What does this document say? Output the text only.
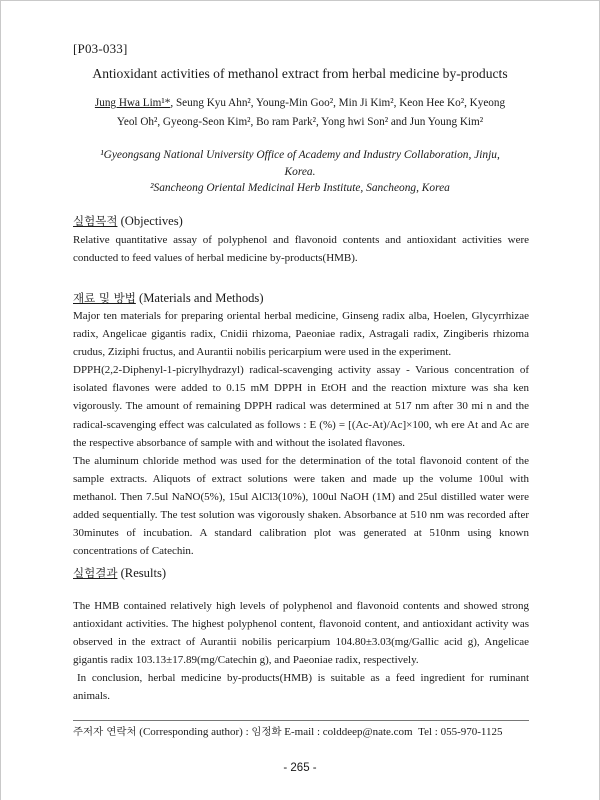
[P03-033]
Antioxidant activities of methanol extract from herbal medicine by-products
Jung Hwa Lim¹*, Seung Kyu Ahn², Young-Min Goo², Min Ji Kim², Keon Hee Ko², Kyeong
Yeol Oh², Gyeong-Seon Kim², Bo ram Park², Yong hwi Son² and Jun Young Kim²
¹Gyeongsang National University Office of Academy and Industry Collaboration, Jinju,
Korea.
²Sancheong Oriental Medicinal Herb Institute, Sancheong, Korea
실험목적 (Objectives)

Relative quantitative assay of polyphenol and flavonoid contents and antioxidant activities were conducted to feed values of herbal medicine by-products(HMB).

재료 및 방법 (Materials and Methods)

Major ten materials for preparing oriental herbal medicine, Ginseng radix alba, Hoelen, Glycyrrhizae radix, Angelicae gigantis radix, Cnidii rhizoma, Paeoniae radix, Astragali radix, Zingiberis rhizoma crudus, Ziziphi fructus, and Aurantii nobilis pericarpium were used in the experiment.

DPPH(2,2-Diphenyl-1-picrylhydrazyl) radical-scavenging activity assay - Various concentration of isolated flavones were added to 0.15 mM DPPH in EtOH and the reaction mixture was sha ken vigorously. The amount of remaining DPPH radical was determined at 517 nm after 30 mi n and the radical-scavenging effect was calculated as follows : E (%) = [(Ac-At)/Ac]×100, wh ere At and Ac are the respective absorbance of sample with and without the isolated flavones.

The aluminum chloride method was used for the determination of the total flavonoid content of the sample extracts. Aliquots of extract solutions were taken and made up the volume 100ul with methanol. Then 7.5ul NaNO(5%), 15ul AlCl3(10%), 100ul NaOH (1M) and 25ul distilled water were added sequentially. The test solution was vigorously shaken. Absorbance at 510 nm was recorded after 30minutes of incubation. A standard calibration plot was generated at 510nm using known concentrations of Catechin.

실험결과 (Results)

The HMB contained relatively high levels of polyphenol and flavonoid contents and showed strong antioxidant activities. The highest polyphenol content, flavonoid content, and antioxidant activity was observed in the extract of Aurantii nobilis pericarpium 104.80±3.03(mg/Gallic acid g), Angelicae gigantis radix 103.13±17.89(mg/Catechin g), and Paeoniae radix, respectively.

In conclusion, herbal medicine by-products(HMB) is suitable as a feed ingredient for ruminant animals.

주저자 연락처 (Corresponding author) : 임정화 E-mail : colddeep@nate.com Tel : 055-970-1125
- 265 -
